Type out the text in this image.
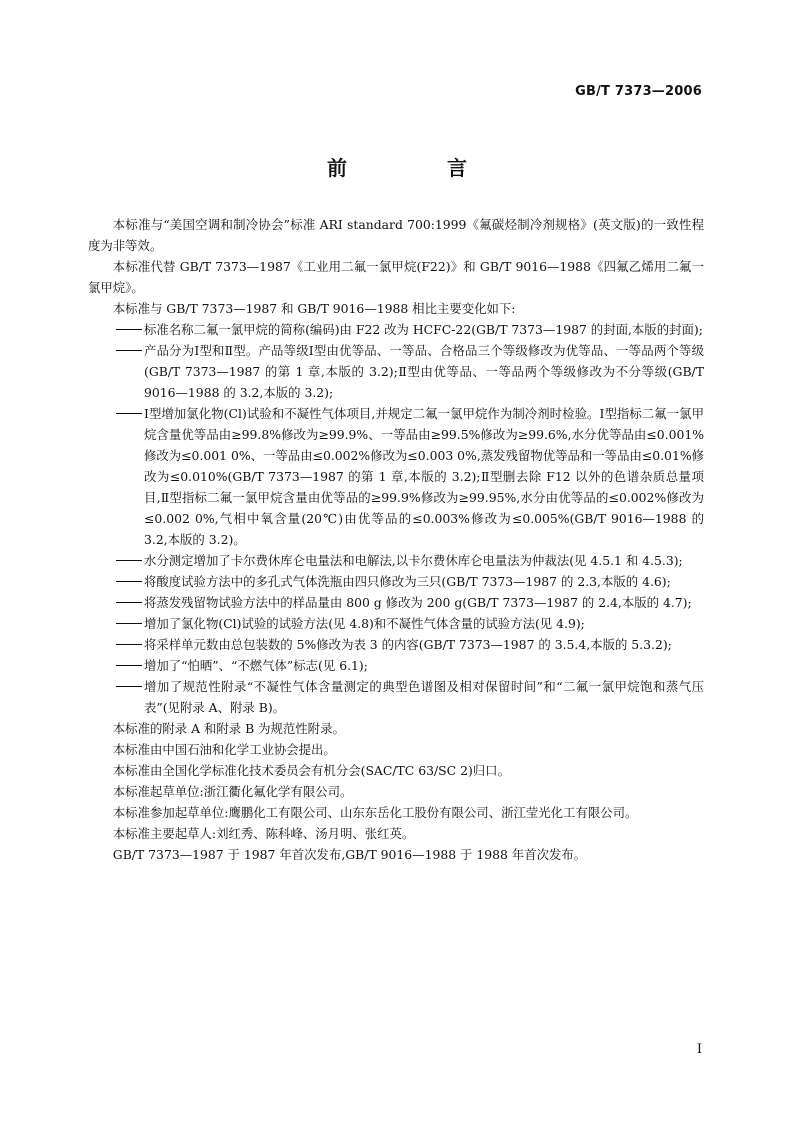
GB/T 7373—2006
前　言

本标准与“美国空调和制冷协会”标准 ARI standard 700:1999《氟碳烃制冷剂规格》(英文版)的一致性程度为非等效。

本标准代替 GB/T 7373—1987《工业用二氟一氯甲烷(F22)》和 GB/T 9016—1988《四氟乙烯用二氟一氯甲烷》。

本标准与 GB/T 7373—1987 和 GB/T 9016—1988 相比主要变化如下:

标准名称二氟一氯甲烷的简称(编码)由 F22 改为 HCFC-22(GB/T 7373—1987 的封面,本版的封面);
产品分为Ⅰ型和Ⅱ型。产品等级Ⅰ型由优等品、一等品、合格品三个等级修改为优等品、一等品两个等级(GB/T 7373—1987 的第 1 章,本版的 3.2);Ⅱ型由优等品、一等品两个等级修改为不分等级(GB/T 9016—1988 的 3.2,本版的 3.2);
Ⅰ型增加氯化物(Cl)试验和不凝性气体项目,并规定二氟一氯甲烷作为制冷剂时检验。Ⅰ型指标二氟一氯甲烷含量优等品由≥99.8%修改为≥99.9%、一等品由≥99.5%修改为≥99.6%,水分优等品由≤0.001%修改为≤0.001 0%、一等品由≤0.002%修改为≤0.003 0%,蒸发残留物优等品和一等品由≤0.01%修改为≤0.010%(GB/T 7373—1987 的第 1 章,本版的 3.2);Ⅱ型删去除 F12 以外的色谱杂质总量项目,Ⅱ型指标二氟一氯甲烷含量由优等品的≥99.9%修改为≥99.95%,水分由优等品的≤0.002%修改为≤0.002 0%,气相中氧含量(20℃)由优等品的≤0.003%修改为≤0.005%(GB/T 9016—1988 的 3.2,本版的 3.2)。
水分测定增加了卡尔费休库仑电量法和电解法,以卡尔费休库仑电量法为仲裁法(见 4.5.1 和 4.5.3);
将酸度试验方法中的多孔式气体洗瓶由四只修改为三只(GB/T 7373—1987 的 2.3,本版的 4.6);
将蒸发残留物试验方法中的样品量由 800 g 修改为 200 g(GB/T 7373—1987 的 2.4,本版的 4.7);
增加了氯化物(Cl)试验的试验方法(见 4.8)和不凝性气体含量的试验方法(见 4.9);
将采样单元数由总包装数的 5%修改为表 3 的内容(GB/T 7373—1987 的 3.5.4,本版的 5.3.2);
增加了“怕晒”、“不燃气体”标志(见 6.1);
增加了规范性附录“不凝性气体含量测定的典型色谱图及相对保留时间”和“二氟一氯甲烷饱和蒸气压表”(见附录 A、附录 B)。

本标准的附录 A 和附录 B 为规范性附录。

本标准由中国石油和化学工业协会提出。

本标准由全国化学标准化技术委员会有机分会(SAC/TC 63/SC 2)归口。

本标准起草单位:浙江衢化氟化学有限公司。

本标准参加起草单位:鹰鹏化工有限公司、山东东岳化工股份有限公司、浙江莹光化工有限公司。

本标准主要起草人:刘红秀、陈科峰、汤月明、张红英。

GB/T 7373—1987 于 1987 年首次发布,GB/T 9016—1988 于 1988 年首次发布。

I
